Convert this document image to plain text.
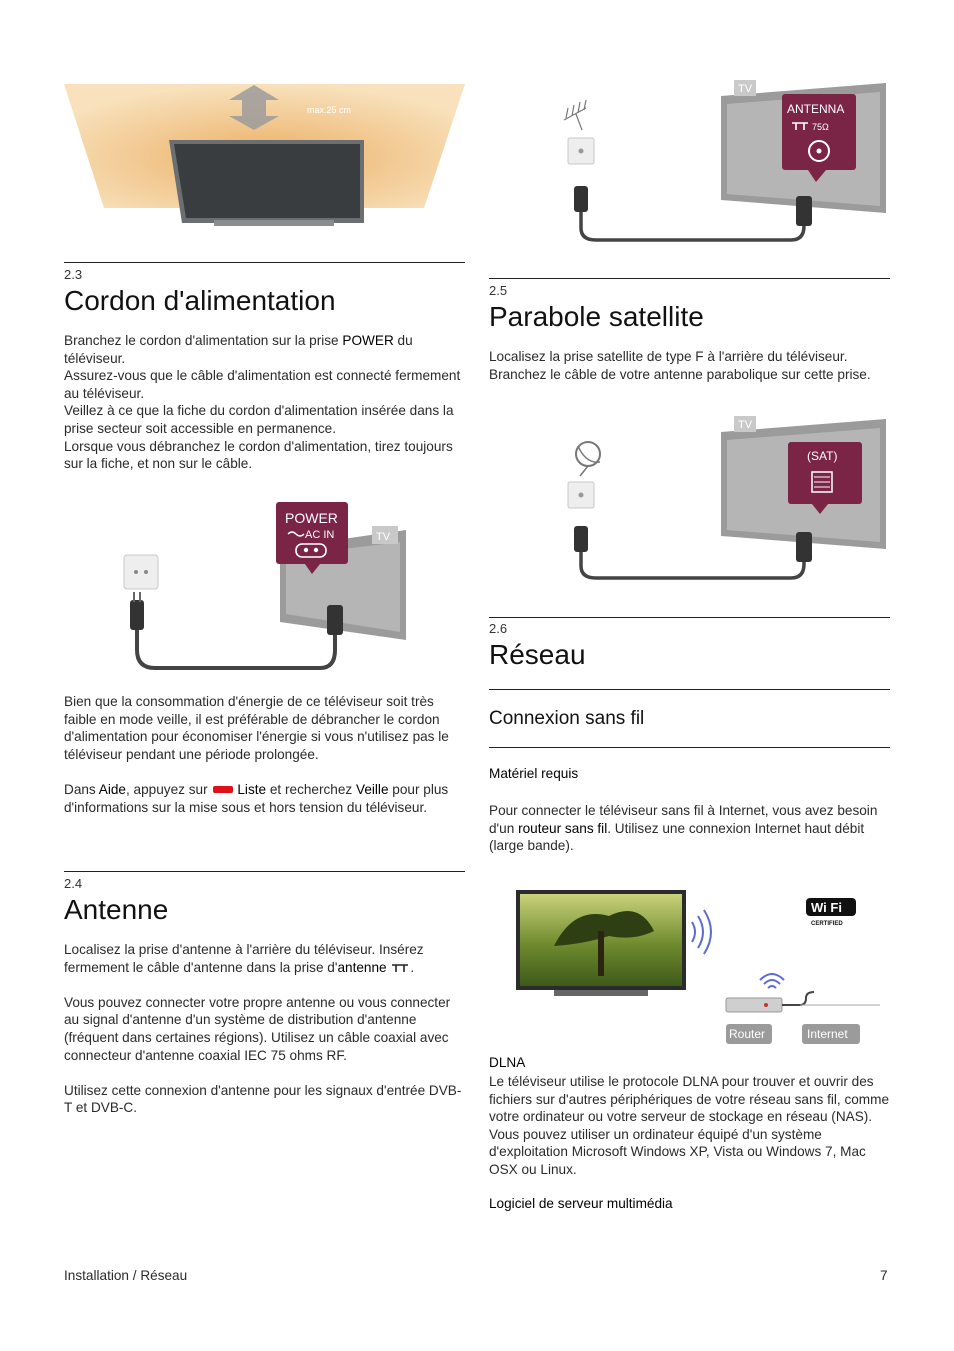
max.25 cm
2.3
Cordon d'alimentation

Branchez le cordon d'alimentation sur la prise POWER du téléviseur.

Assurez-vous que le câble d'alimentation est connecté fermement au téléviseur.

Veillez à ce que la fiche du cordon d'alimentation insérée dans la prise secteur soit accessible en permanence.

Lorsque vous débranchez le cordon d'alimentation, tirez toujours sur la fiche, et non sur le câble.

TV
POWER
AC IN
Bien que la consommation d'énergie de ce téléviseur soit très faible en mode veille, il est préférable de débrancher le cordon d'alimentation pour économiser l'énergie si vous n'utilisez pas le téléviseur pendant une période prolongée.

Dans Aide, appuyez sur Liste et recherchez Veille pour plus d'informations sur la mise sous et hors tension du téléviseur.

2.4
Antenne

Localisez la prise d'antenne à l'arrière du téléviseur. Insérez fermement le câble d'antenne dans la prise d'antenne .

Vous pouvez connecter votre propre antenne ou vous connecter au signal d'antenne d'un système de distribution d'antenne (fréquent dans certaines régions). Utilisez un câble coaxial avec connecteur d'antenne coaxial IEC 75 ohms RF.

Utilisez cette connexion d'antenne pour les signaux d'entrée DVB-T et DVB-C.

TV
ANTENNA
75Ω
2.5
Parabole satellite
Localisez la prise satellite de type F à l'arrière du téléviseur. Branchez le câble de votre antenne parabolique sur cette prise.
TV
(SAT)
2.6
Réseau
Connexion sans fil
Matériel requis

Pour connecter le téléviseur sans fil à Internet, vous avez besoin d'un routeur sans fil. Utilisez une connexion Internet haut débit (large bande).

Wi Fi
CERTIFIED
Router	Internet
DLNA
Le téléviseur utilise le protocole DLNA pour trouver et ouvrir des fichiers sur d'autres périphériques de votre réseau sans fil, comme votre ordinateur ou votre serveur de stockage en réseau (NAS). Vous pouvez utiliser un ordinateur équipé d'un système d'exploitation Microsoft Windows XP, Vista ou Windows 7, Mac OSX ou Linux.
Logiciel de serveur multimédia
Installation / Réseau	7
